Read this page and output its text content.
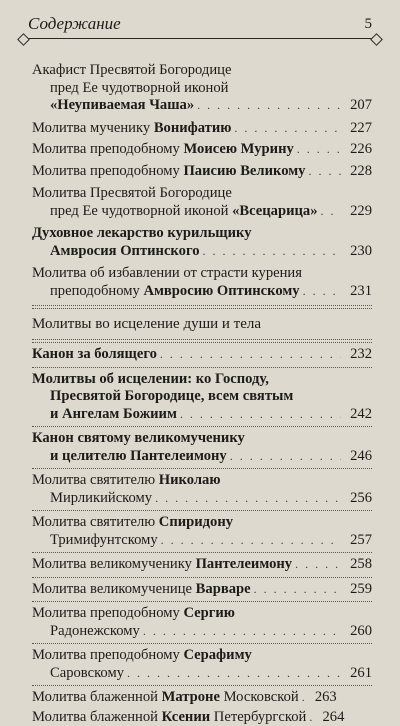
Содержание	5
Акафист Пресвятой Богородице
пред Ее чудотворной иконой
«Неупиваемая Чаша» . . .	207
Молитва мученику Вонифатию . . .	227
Молитва преподобному Моисею Мурину . . .	226
Молитва преподобному Паисию Великому . . .	228
Молитва Пресвятой Богородице
пред Ее чудотворной иконой «Всецарица» . . .	229
Духовное лекарство курильщику
Амвросия Оптинского . . .	230
Молитва об избавлении от страсти курения
преподобному Амвросию Оптинскому . . .	231
Молитвы во исцеление души и тела
Канон за болящего . . .	232
Молитвы об исцелении: ко Господу,
Пресвятой Богородице, всем святым
и Ангелам Божиим . . .	242
Канон святому великомученику
и целителю Пантелеимону . . .	246
Молитва святителю Николаю
Мирликийскому . . .	256
Молитва святителю Спиридону
Тримифунтскому . . .	257
Молитва великомученику Пантелеимону . . .	258
Молитва великомученице Варваре . . .	259
Молитва преподобному Сергию
Радонежскому . . .	260
Молитва преподобному Серафиму
Саровскому . . .	261
Молитва блаженной Матроне Московской . . .	263
Молитва блаженной Ксении Петербургской . . .	264
